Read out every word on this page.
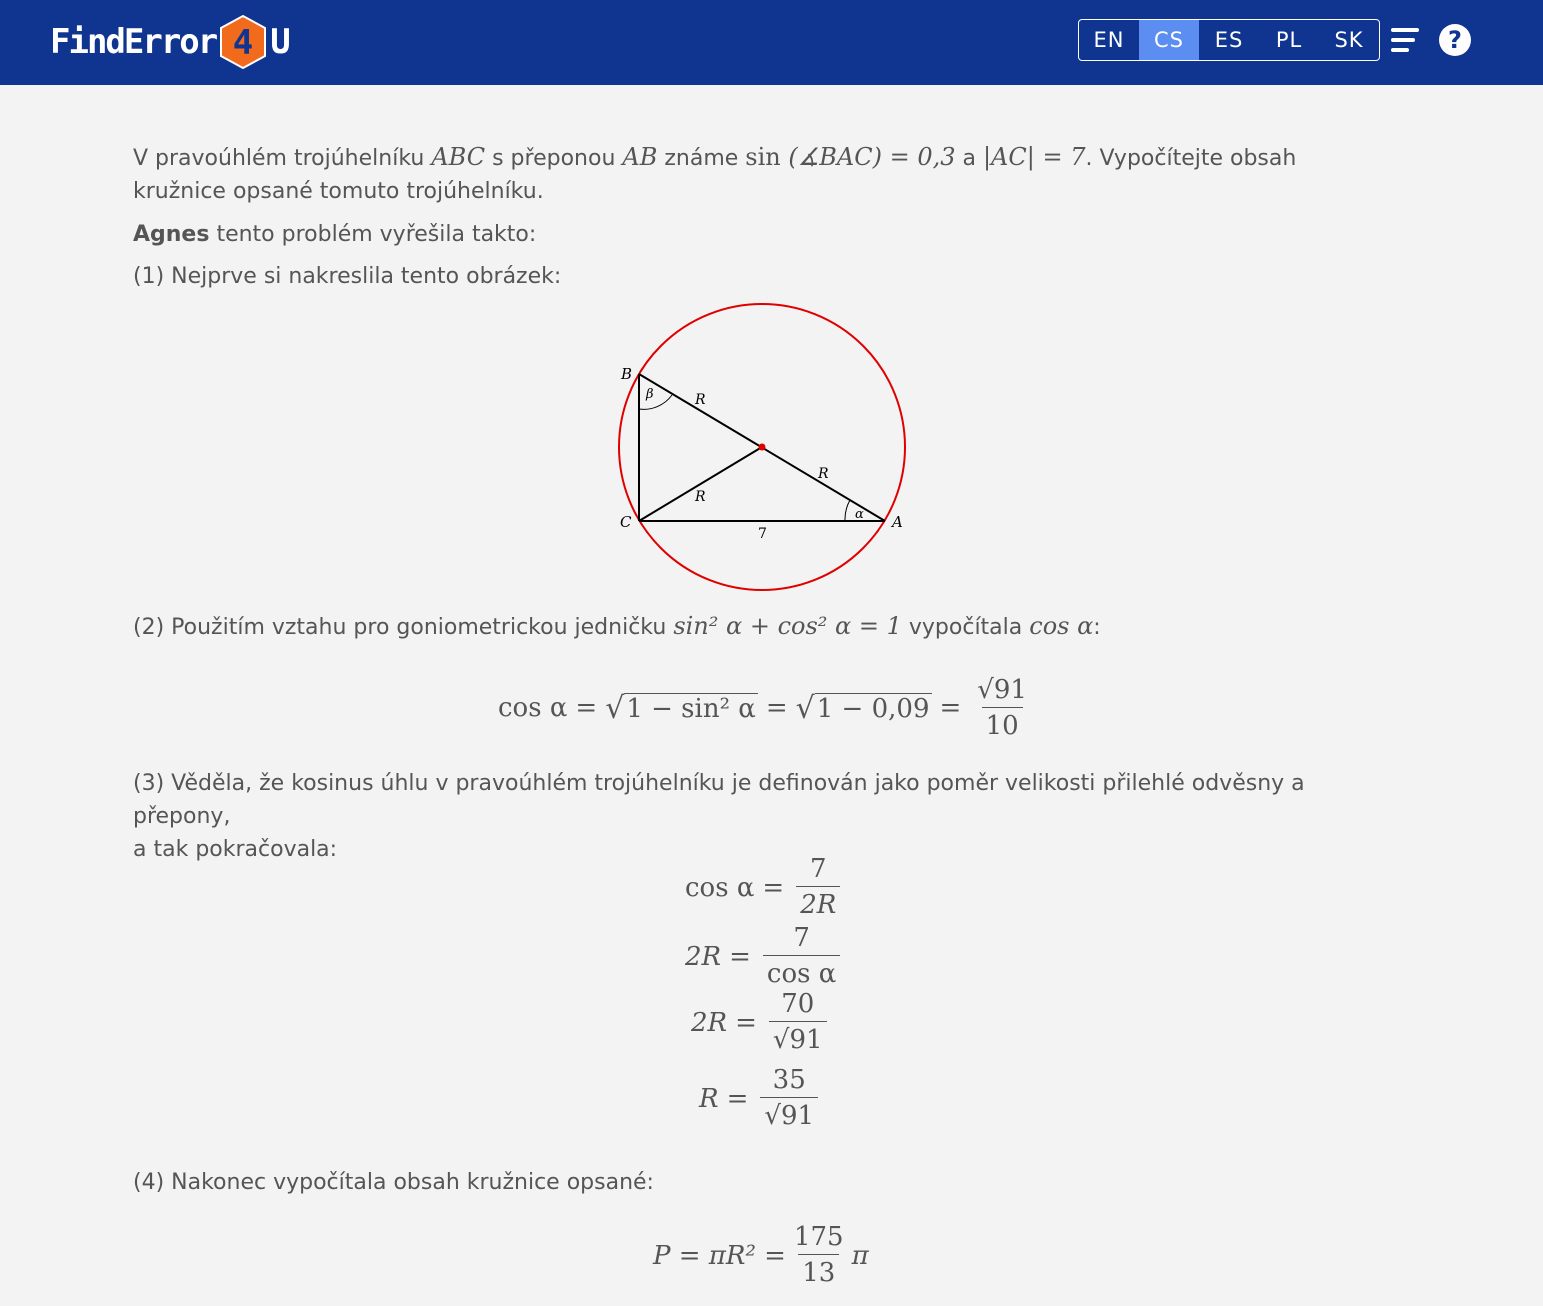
FindError 4 U	EN	CS	ES	PL	SK	?
V pravoúhlém trojúhelníku ABC s přeponou AB známe sin (∡BAC) = 0,3 a |AC| = 7. Vypočítejte obsah
kružnice opsané tomuto trojúhelníku.
Agnes tento problém vyřešila takto:
(1) Nejprve si nakreslila tento obrázek:
(2) Použitím vztahu pro goniometrickou jedničku sin² α + cos² α = 1 vypočítala cos α:
(3) Věděla, že kosinus úhlu v pravoúhlém trojúhelníku je definován jako poměr velikosti přilehlé odvěsny a přepony,
a tak pokračovala:
(4) Nakonec vypočítala obsah kružnice opsané:
B
C	A
β
α
R
R
R
7
cos α = √ 1 − sin² α = √ $1 - 0,09 = \frac{√91}{10}$
$\cos \alpha = \frac{7}{2R}$
$2R = \frac{7}{\text{cos α}}$
$2R = \frac{70}{√91}$
$R = \frac{35}{√91}$
$P = \pi R^2 = \frac{175}{13}$ π
